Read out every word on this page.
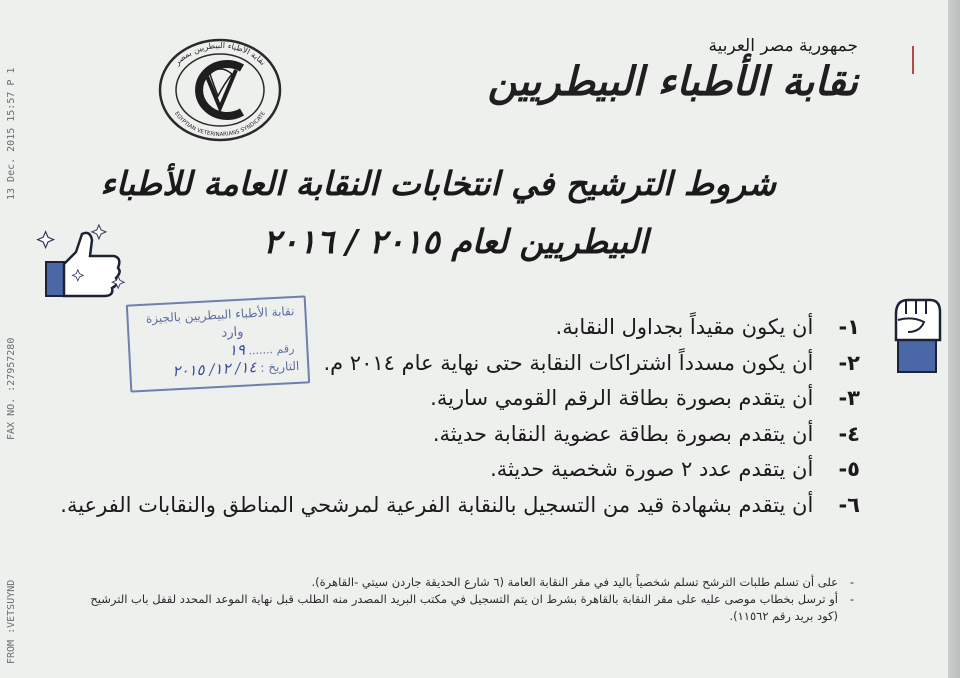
13 Dec. 2015 15:57 P 1
FAX NO. :27957280
FROM :VETSUYND
نقابة الأطباء البيطريين بمصر
EGYPTIAN VETERINARIANS SYNDICATE
جمهورية مصر العربية
نقابة الأطباء البيطريين
شروط الترشيح في انتخابات النقابة العامة للأطباء
البيطريين لعام ٢٠١٥ / ٢٠١٦
نقابة الأطباء البيطريين بالجيزة
وارد
رقم ....... ١٩
التاريخ : ١٤/ ١٢/ ٢٠١٥
١- أن يكون مقيداً بجداول النقابة.
٢- أن يكون مسدداً اشتراكات النقابة حتى نهاية عام ٢٠١٤ م.
٣- أن يتقدم بصورة بطاقة الرقم القومي سارية.
٤- أن يتقدم بصورة بطاقة عضوية النقابة حديثة.
٥- أن يتقدم عدد ٢ صورة شخصية حديثة.
٦- أن يتقدم بشهادة قيد من التسجيل بالنقابة الفرعية لمرشحي المناطق والنقابات الفرعية.
-على أن تسلم طلبات الترشح تسلم شخصياً باليد في مقر النقابة العامة (٦ شارع الحديقة جاردن سيتي -القاهرة).
-أو ترسل بخطاب موصى عليه على مقر النقابة بالقاهرة بشرط ان يتم التسجيل في مكتب البريد المصدر منه الطلب قبل نهاية الموعد المحدد لقفل باب الترشيح
(كود بريد رقم ١١٥٦٢).
